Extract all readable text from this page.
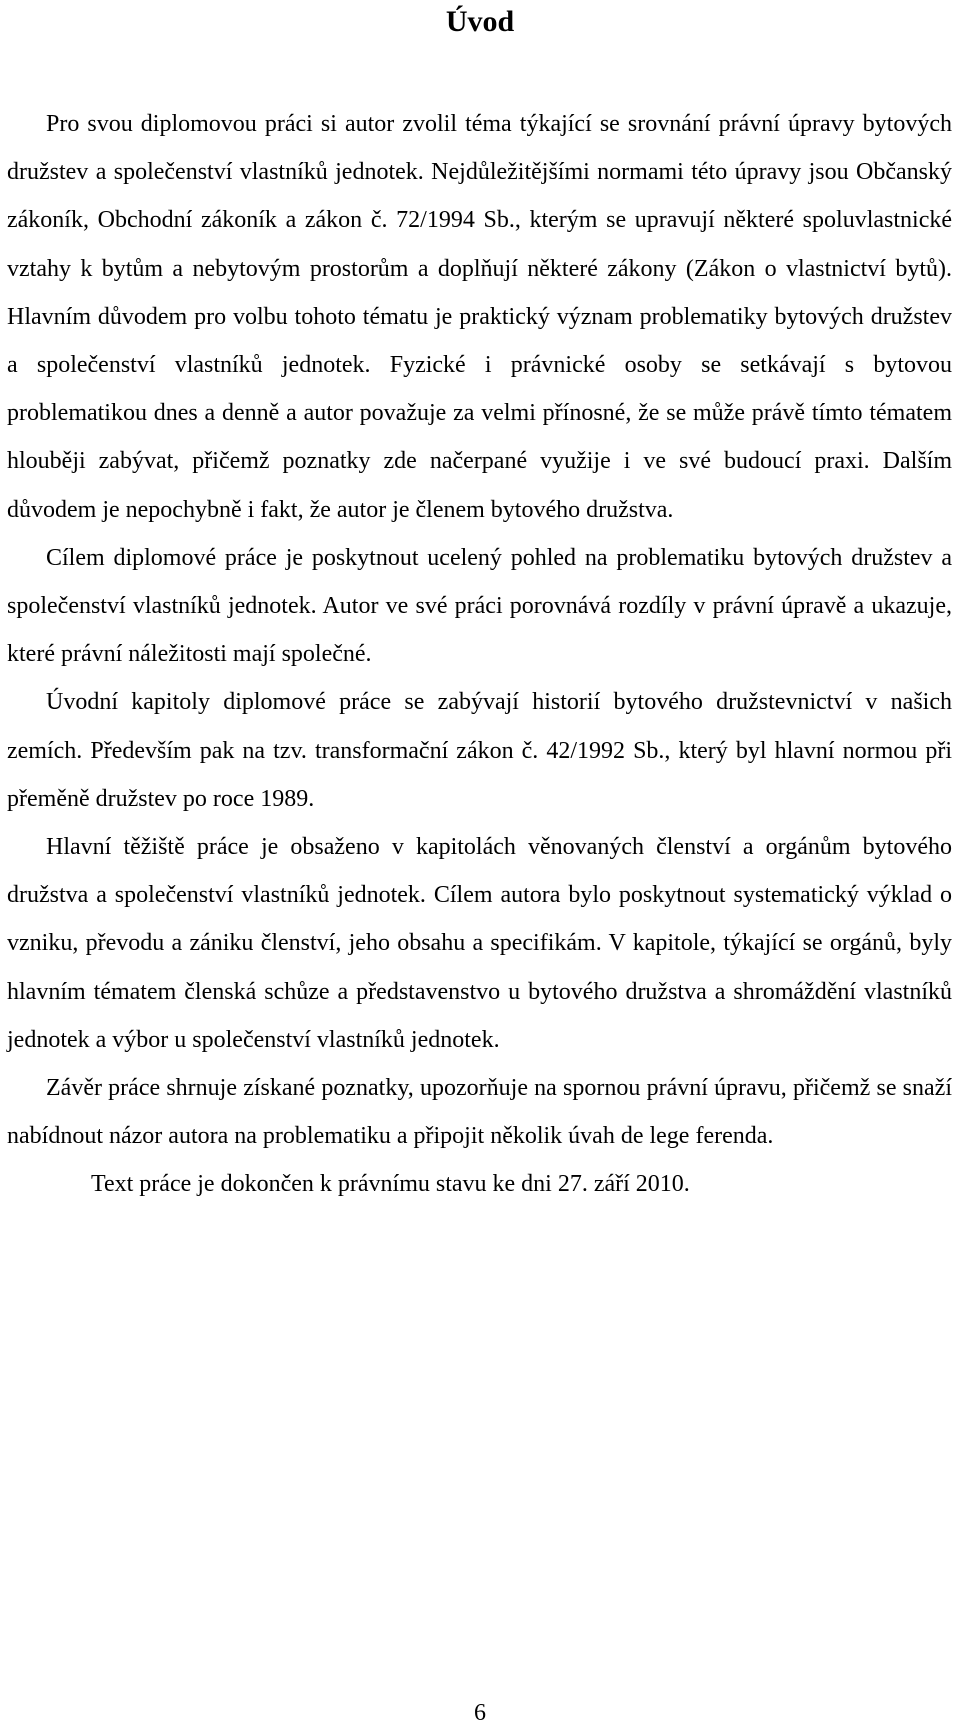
Úvod

Pro svou diplomovou práci si autor zvolil téma týkající se srovnání právní úpravy bytových družstev a společenství vlastníků jednotek. Nejdůležitějšími normami této úpravy jsou Občanský zákoník, Obchodní zákoník a zákon č. 72/1994 Sb., kterým se upravují některé spoluvlastnické vztahy k bytům a nebytovým prostorům a doplňují některé zákony (Zákon o vlastnictví bytů). Hlavním důvodem pro volbu tohoto tématu je praktický význam problematiky bytových družstev a společenství vlastníků jednotek. Fyzické i právnické osoby se setkávají s bytovou problematikou dnes a denně a autor považuje za velmi přínosné, že se může právě tímto tématem hlouběji zabývat, přičemž poznatky zde načerpané využije i ve své budoucí praxi. Dalším důvodem je nepochybně i fakt, že autor je členem bytového družstva.

Cílem diplomové práce je poskytnout ucelený pohled na problematiku bytových družstev a společenství vlastníků jednotek. Autor ve své práci porovnává rozdíly v právní úpravě a ukazuje, které právní náležitosti mají společné.

Úvodní kapitoly diplomové práce se zabývají historií bytového družstevnictví v našich zemích. Především pak na tzv. transformační zákon č. 42/1992 Sb., který byl hlavní normou při přeměně družstev po roce 1989.

Hlavní těžiště práce je obsaženo v kapitolách věnovaných členství a orgánům bytového družstva a společenství vlastníků jednotek. Cílem autora bylo poskytnout systematický výklad o vzniku, převodu a zániku členství, jeho obsahu a specifikám. V kapitole, týkající se orgánů, byly hlavním tématem členská schůze a představenstvo u bytového družstva a shromáždění vlastníků jednotek a výbor u společenství vlastníků jednotek.

Závěr práce shrnuje získané poznatky, upozorňuje na spornou právní úpravu, přičemž se snaží nabídnout názor autora na problematiku a připojit několik úvah de lege ferenda.

Text práce je dokončen k právnímu stavu ke dni 27. září 2010.

6
